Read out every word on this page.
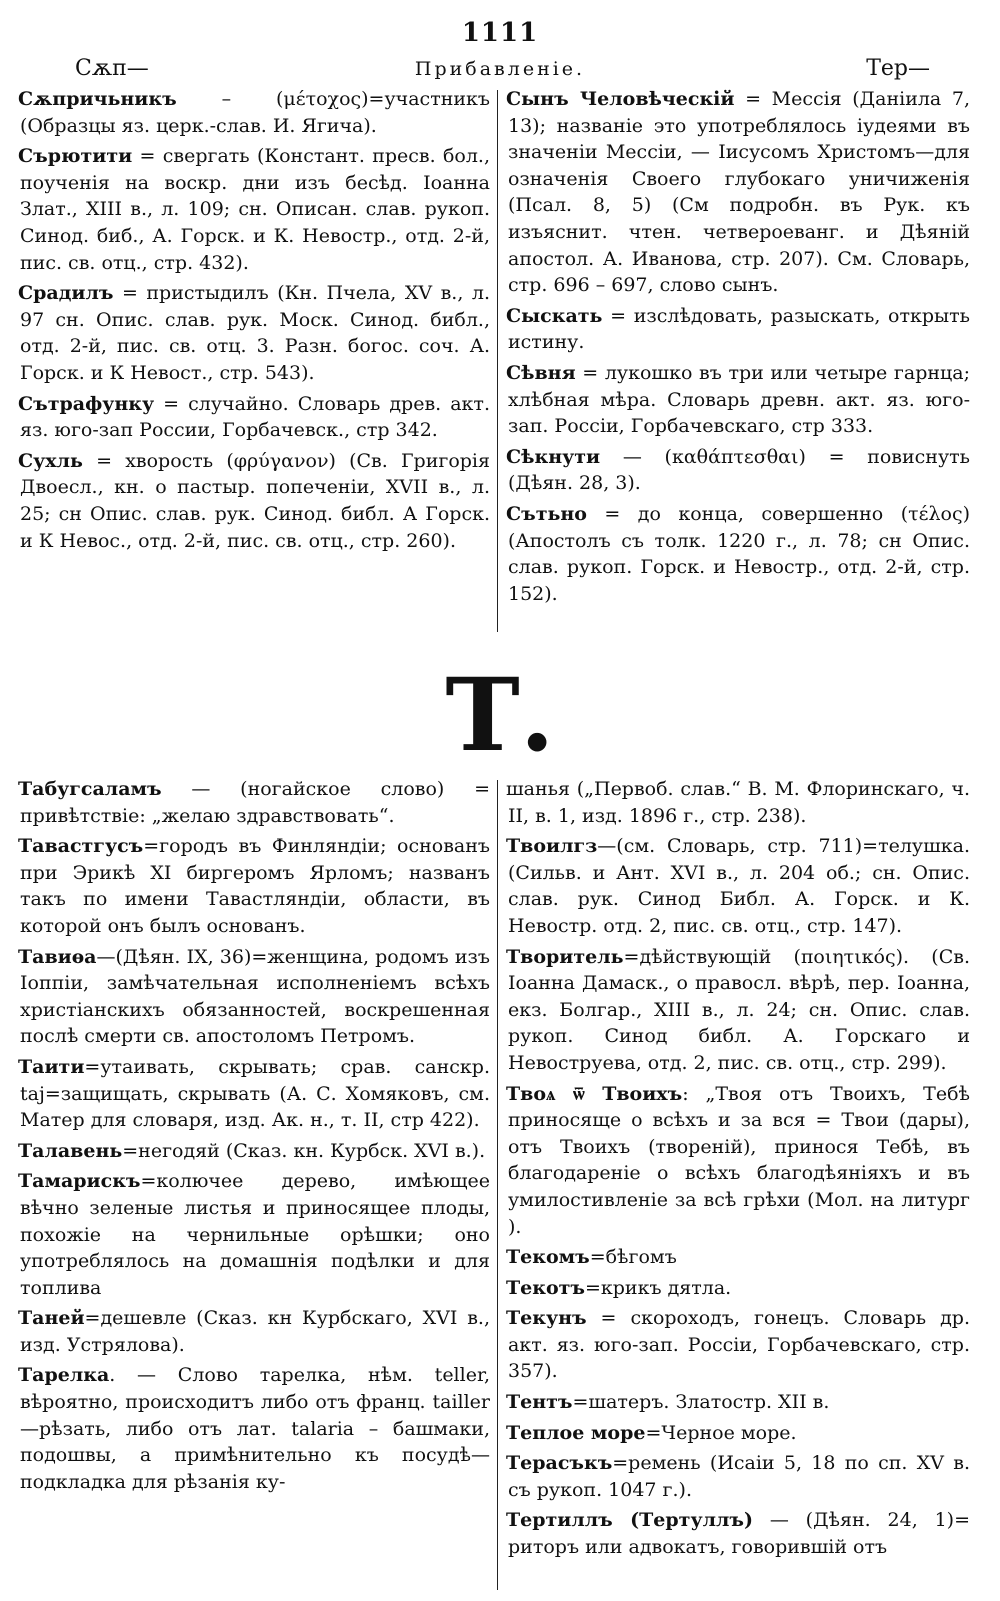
1111
Сѫп—	Прибавленіе.	Тер—

Сѫпричьникъ – (μέτοχος)=участникъ (Образцы яз. церк.-слав. И. Ягича).

Сърютити = свергать (Констант. пресв. бол., поученія на воскр. дни изъ бесѣд. Іоанна Злат., XIII в., л. 109; сн. Описан. слав. рукоп. Синод. биб., А. Горск. и К. Невостр., отд. 2-й, пис. св. отц., стр. 432).

Срадилъ = пристыдилъ (Кн. Пчела, XV в., л. 97 сн. Опис. слав. рук. Моск. Синод. библ., отд. 2-й, пис. св. отц. 3. Разн. богос. соч. А. Горск. и К Невост., стр. 543).

Сътрафунку = случайно. Словарь древ. акт. яз. юго-зап России, Горбачевск., стр 342.

Сухль = хворость (φρύγανον) (Св. Григорія Двоесл., кн. о пастыр. попеченіи, XVII в., л. 25; сн Опис. слав. рук. Синод. библ. А Горск. и К Невос., отд. 2-й, пис. св. отц., стр. 260).

Сынъ Человѣческій = Мессія (Даніила 7, 13); названіе это употреблялось іудеями въ значеніи Мессіи, — Іисусомъ Христомъ—для означенія Своего глубокаго уничиженія (Псал. 8, 5) (См подробн. въ Рук. къ изъяснит. чтен. четвероеванг. и Дѣяній апостол. А. Иванова, стр. 207). См. Словарь, стр. 696 – 697, слово сынъ.

Сыскать = изслѣдовать, разыскать, открыть истину.

Сѣвня = лукошко въ три или четыре гарнца; хлѣбная мѣра. Словарь древн. акт. яз. юго-зап. Россіи, Горбачевскаго, стр 333.

Сѣкнути — (καθάπτεσθαι) = повиснуть (Дѣян. 28, 3).

Сътьно = до конца, совершенно (τέλος) (Апостолъ съ толк. 1220 г., л. 78; сн Опис. слав. рукоп. Горск. и Невостр., отд. 2-й, стр. 152).

Т.

Табугсаламъ — (ногайское слово) = привѣтствіе: „желаю здравствовать“.

Тавастгусъ=городъ въ Финляндіи; основанъ при Эрикѣ XI биргеромъ Ярломъ; названъ такъ по имени Тавастляндіи, области, въ которой онъ былъ основанъ.

Тавиѳа—(Дѣян. IX, 36)=женщина, родомъ изъ Іоппіи, замѣчательная исполненіемъ всѣхъ христіанскихъ обязанностей, воскрешенная послѣ смерти св. апостоломъ Петромъ.

Таити=утаивать, скрывать; срав. санскр. taj=защищать, скрывать (А. С. Хомяковъ, см. Матер для словаря, изд. Ак. н., т. II, стр 422).

Талавень=негодяй (Сказ. кн. Курбск. XVI в.).

Тамарискъ=колючее дерево, имѣющее вѣчно зеленые листья и приносящее плоды, похожіе на чернильные орѣшки; оно употреблялось на домашнія подѣлки и для топлива

Таней=дешевле (Сказ. кн Курбскаго, XVI в., изд. Устрялова).

Тарелка. — Слово тарелка, нѣм. teller, вѣроятно, происходитъ либо отъ франц. tailler—рѣзать, либо отъ лат. talaria – башмаки, подошвы, а примѣнительно къ посудѣ—подкладка для рѣзанія ку-

шанья („Первоб. слав.“ В. М. Флоринскаго, ч. II, в. 1, изд. 1896 г., стр. 238).

Твоилгз—(см. Словарь, стр. 711)=телушка. (Сильв. и Ант. XVI в., л. 204 об.; сн. Опис. слав. рук. Синод Библ. А. Горск. и К. Невостр. отд. 2, пис. св. отц., стр. 147).

Творитель=дѣйствующій (ποιητικός). (Св. Іоанна Дамаск., о правосл. вѣрѣ, пер. Іоанна, екз. Болгар., XIII в., л. 24; сн. Опис. слав. рукоп. Синод библ. А. Горскаго и Невоструева, отд. 2, пис. св. отц., стр. 299).

Твоѧ ѿ Твоихъ: „Твоя отъ Твоихъ, Тебѣ приносяще о всѣхъ и за вся = Твои (дары), отъ Твоихъ (твореній), принося Тебѣ, въ благодареніе о всѣхъ благодѣяніяхъ и въ умилостивленіе за всѣ грѣхи (Мол. на литург ).

Текомъ=бѣгомъ

Текотъ=крикъ дятла.

Текунъ = скороходъ, гонецъ. Словарь др. акт. яз. юго-зап. Россіи, Горбачевскаго, стр. 357).

Тентъ=шатеръ. Златостр. XII в.

Теплое море=Черное море.

Терасъкъ=ремень (Исаіи 5, 18 по сп. XV в. съ рукоп. 1047 г.).

Тертиллъ (Тертуллъ) — (Дѣян. 24, 1)= риторъ или адвокатъ, говорившій отъ
